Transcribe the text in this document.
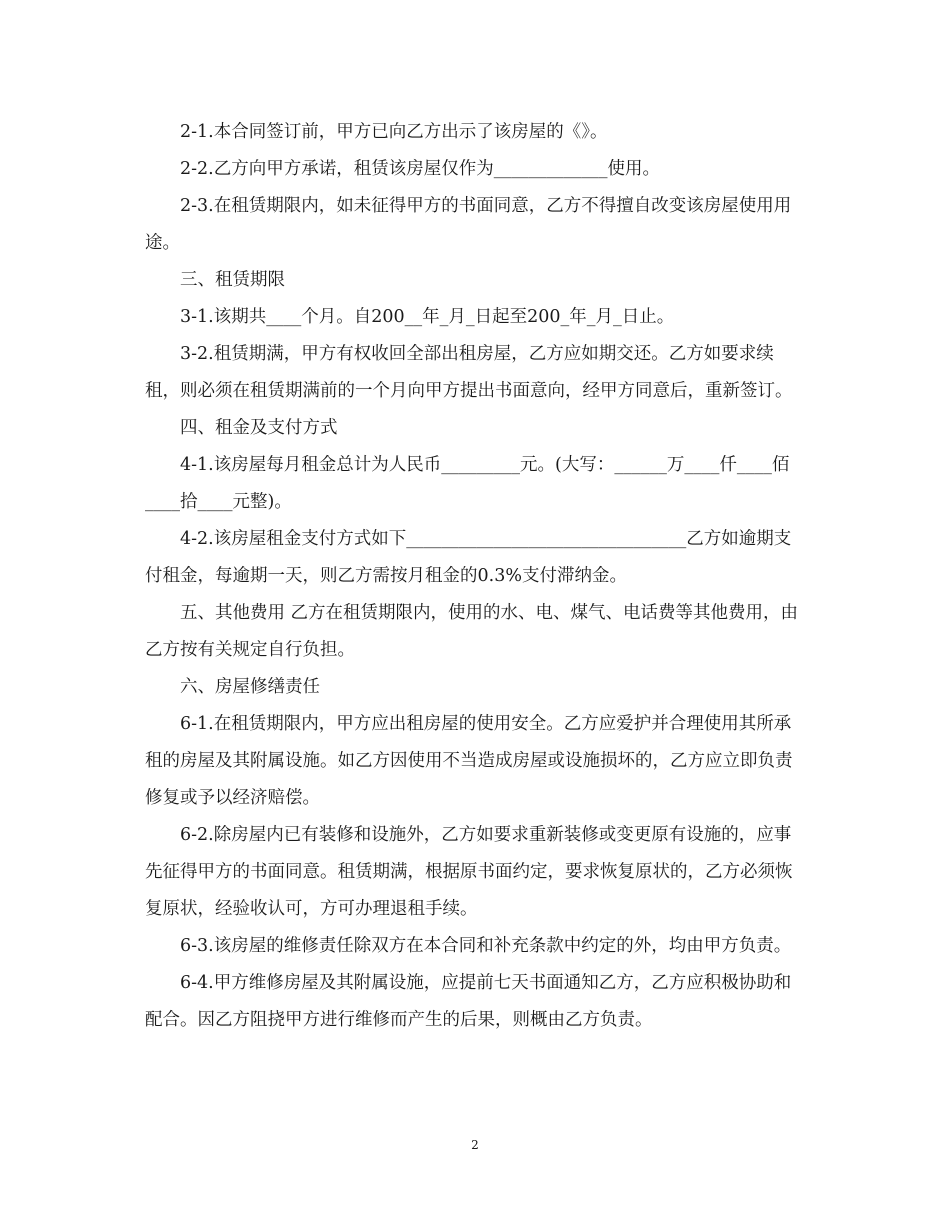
2-1.本合同签订前，甲方已向乙方出示了该房屋的《》。

2-2.乙方向甲方承诺，租赁该房屋仅作为_____________使用。

2-3.在租赁期限内，如未征得甲方的书面同意，乙方不得擅自改变该房屋使用用途。

三、租赁期限

3-1.该期共____个月。自200__年_月_日起至200_年_月_日止。

3-2.租赁期满，甲方有权收回全部出租房屋，乙方应如期交还。乙方如要求续租，则必须在租赁期满前的一个月向甲方提出书面意向，经甲方同意后，重新签订。

四、租金及支付方式

4-1.该房屋每月租金总计为人民币_________元。(大写：______万____仟____佰____拾____元整)。

4-2.该房屋租金支付方式如下________________________________乙方如逾期支付租金，每逾期一天，则乙方需按月租金的0.3%支付滞纳金。

五、其他费用 乙方在租赁期限内，使用的水、电、煤气、电话费等其他费用，由乙方按有关规定自行负担。

六、房屋修缮责任

6-1.在租赁期限内，甲方应出租房屋的使用安全。乙方应爱护并合理使用其所承租的房屋及其附属设施。如乙方因使用不当造成房屋或设施损坏的，乙方应立即负责修复或予以经济赔偿。

6-2.除房屋内已有装修和设施外，乙方如要求重新装修或变更原有设施的，应事先征得甲方的书面同意。租赁期满，根据原书面约定，要求恢复原状的，乙方必须恢复原状，经验收认可，方可办理退租手续。

6-3.该房屋的维修责任除双方在本合同和补充条款中约定的外，均由甲方负责。

6-4.甲方维修房屋及其附属设施，应提前七天书面通知乙方，乙方应积极协助和配合。因乙方阻挠甲方进行维修而产生的后果，则概由乙方负责。

2
